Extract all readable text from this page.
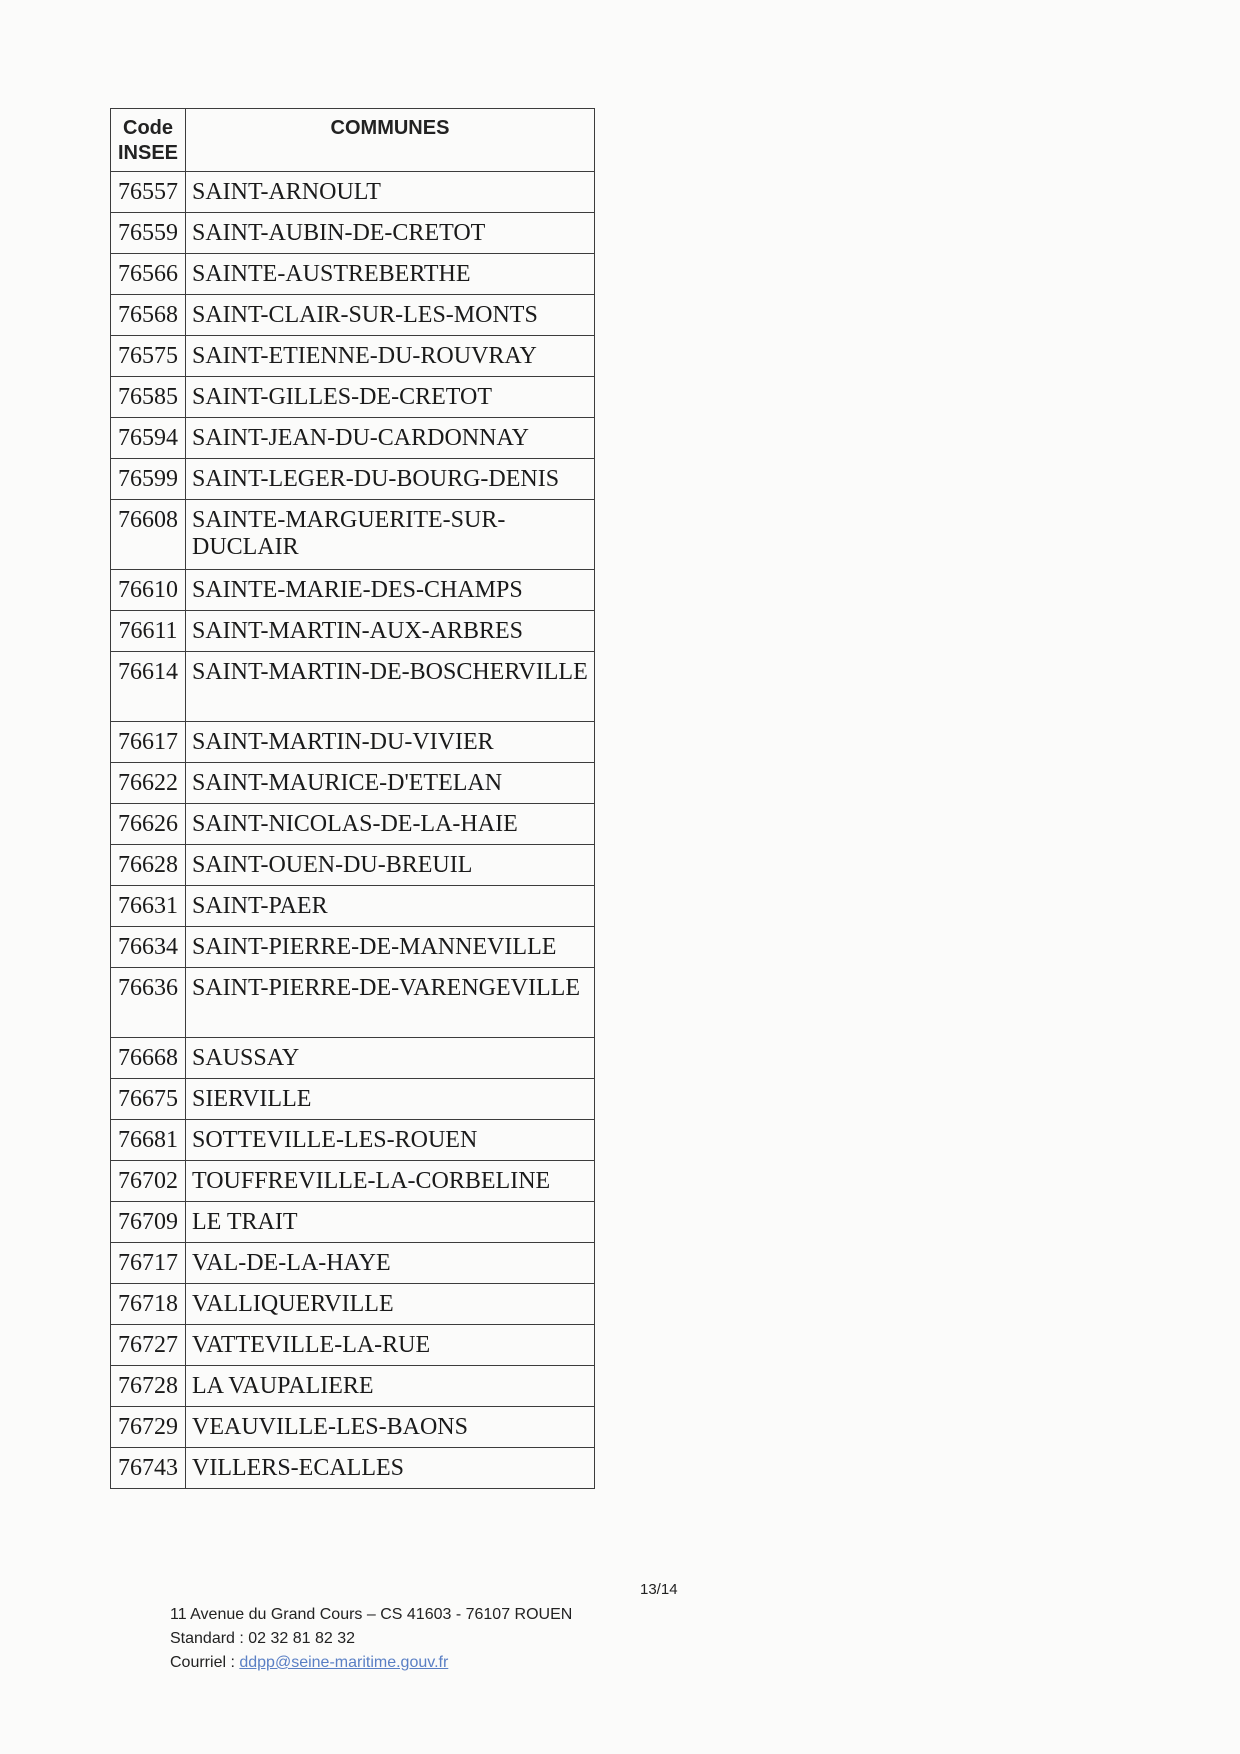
Code
INSEE	COMMUNES
76557	SAINT-ARNOULT
76559	SAINT-AUBIN-DE-CRETOT
76566	SAINTE-AUSTREBERTHE
76568	SAINT-CLAIR-SUR-LES-MONTS
76575	SAINT-ETIENNE-DU-ROUVRAY
76585	SAINT-GILLES-DE-CRETOT
76594	SAINT-JEAN-DU-CARDONNAY
76599	SAINT-LEGER-DU-BOURG-DENIS
76608	SAINTE-MARGUERITE-SUR-DUCLAIR
76610	SAINTE-MARIE-DES-CHAMPS
76611	SAINT-MARTIN-AUX-ARBRES
76614	SAINT-MARTIN-DE-BOSCHERVILLE
76617	SAINT-MARTIN-DU-VIVIER
76622	SAINT-MAURICE-D'ETELAN
76626	SAINT-NICOLAS-DE-LA-HAIE
76628	SAINT-OUEN-DU-BREUIL
76631	SAINT-PAER
76634	SAINT-PIERRE-DE-MANNEVILLE
76636	SAINT-PIERRE-DE-VARENGEVILLE
76668	SAUSSAY
76675	SIERVILLE
76681	SOTTEVILLE-LES-ROUEN
76702	TOUFFREVILLE-LA-CORBELINE
76709	LE TRAIT
76717	VAL-DE-LA-HAYE
76718	VALLIQUERVILLE
76727	VATTEVILLE-LA-RUE
76728	LA VAUPALIERE
76729	VEAUVILLE-LES-BAONS
76743	VILLERS-ECALLES
13/14
11 Avenue du Grand Cours – CS 41603 - 76107 ROUEN
Standard : 02 32 81 82 32
Courriel : ddpp@seine-maritime.gouv.fr
